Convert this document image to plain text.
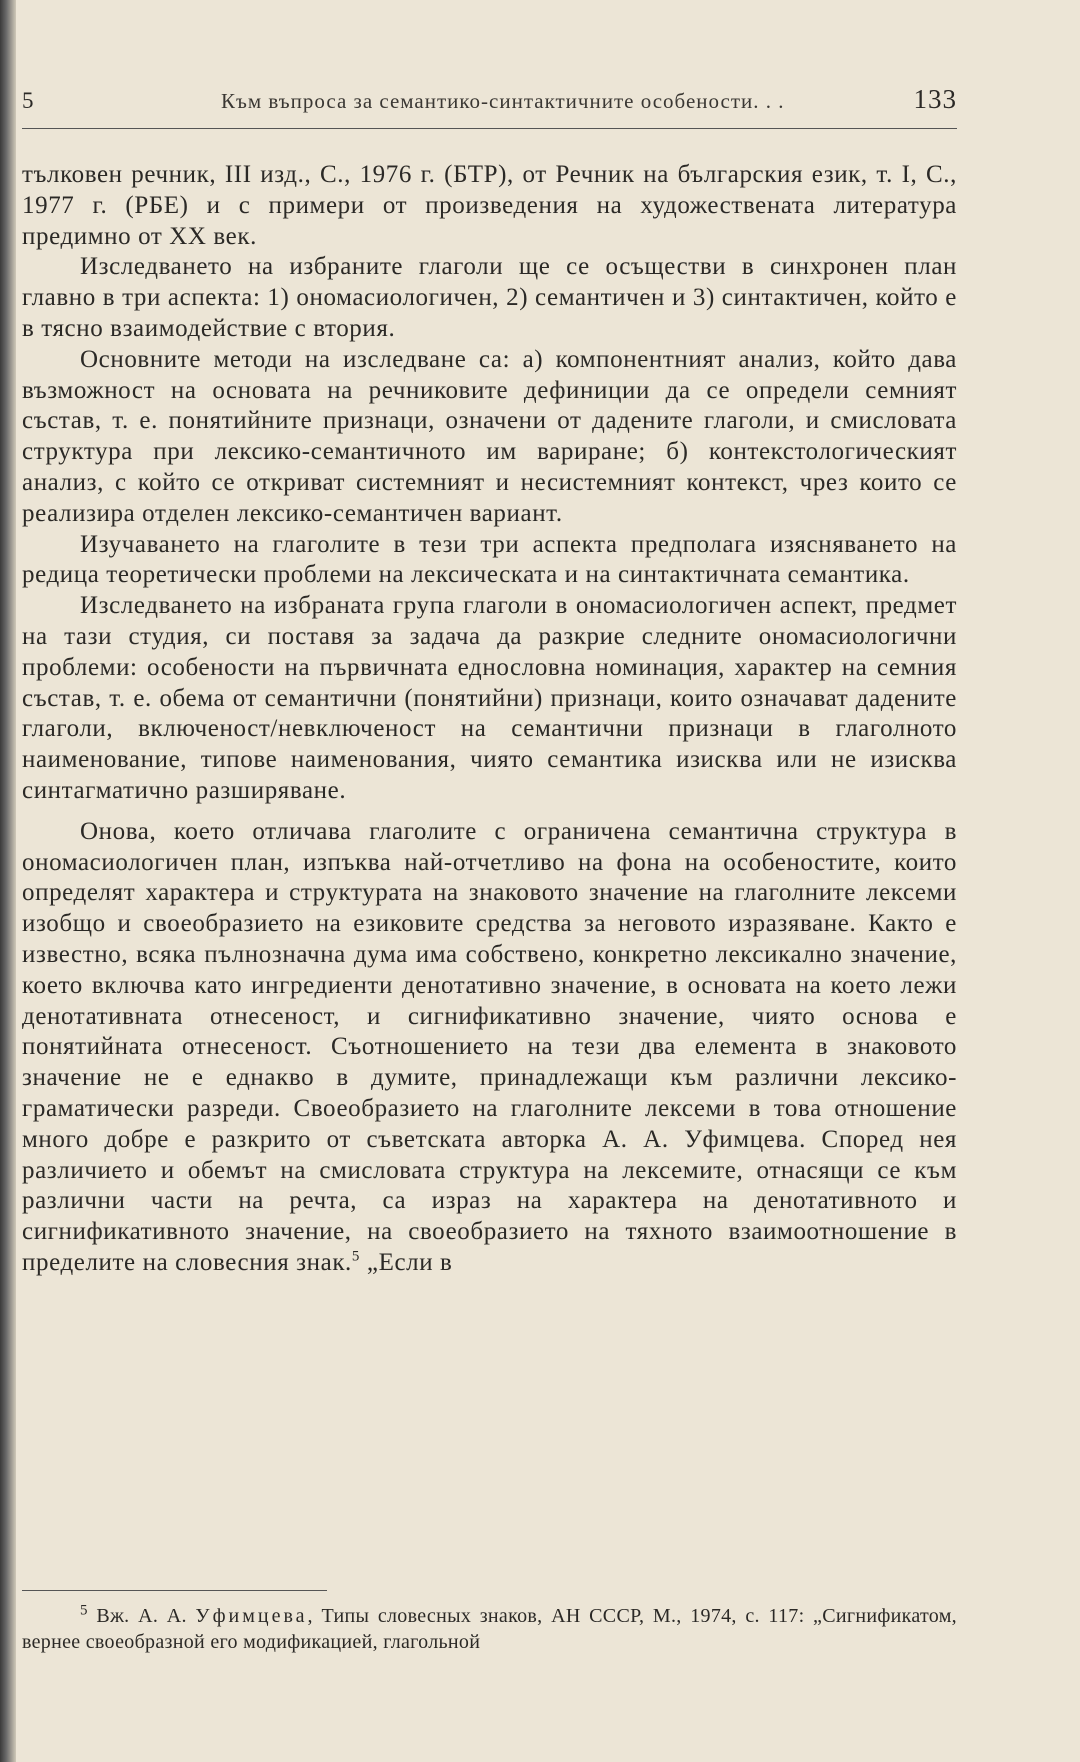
5	Към въпроса за семантико-синтактичните особености. . .	133

тълковен речник, III изд., С., 1976 г. (БТР), от Речник на българския език, т. I, С., 1977 г. (РБЕ) и с примери от произведения на художествената литература предимно от XX век.

Изследването на избраните глаголи ще се осъществи в синхронен план главно в три аспекта: 1) ономасиологичен, 2) семантичен и 3) синтактичен, който е в тясно взаимодействие с втория.

Основните методи на изследване са: а) компонентният анализ, който дава възможност на основата на речниковите дефиниции да се определи семният състав, т. е. понятийните признаци, означени от дадените глаголи, и смисловата структура при лексико-семантичното им вариране; б) контекстологическият анализ, с който се откриват системният и несистемният контекст, чрез които се реализира отделен лексико-семантичен вариант.

Изучаването на глаголите в тези три аспекта предполага изясняването на редица теоретически проблеми на лексическата и на синтактичната семантика.

Изследването на избраната група глаголи в ономасиологичен аспект, предмет на тази студия, си поставя за задача да разкрие следните ономасиологични проблеми: особености на първичната еднословна номинация, характер на семния състав, т. е. обема от семантични (понятийни) признаци, които означават дадените глаголи, включеност/невключеност на семантични признаци в глаголното наименование, типове наименования, чиято семантика изисква или не изисква синтагматично разширяване.

Онова, което отличава глаголите с ограничена семантична структура в ономасиологичен план, изпъква най-отчетливо на фона на особеностите, които определят характера и структурата на знаковото значение на глаголните лексеми изобщо и своеобразието на езиковите средства за неговото изразяване. Както е известно, всяка пълнозначна дума има собствено, конкретно лексикално значение, което включва като ингредиенти денотативно значение, в основата на което лежи денотативната отнесеност, и сигнификативно значение, чиято основа е понятийната отнесеност. Съотношението на тези два елемента в знаковото значение не е еднакво в думите, принадлежащи към различни лексико-граматически разреди. Своеобразието на глаголните лексеми в това отношение много добре е разкрито от съветската авторка А. А. Уфимцева. Според нея различието и обемът на смисловата структура на лексемите, отнасящи се към различни части на речта, са израз на характера на денотативното и сигнификативното значение, на своеобразието на тяхното взаимоотношение в пределите на словесния знак.$^5$ „Если в

$^5$ Вж. А. А. Уфимцева, Типы словесных знаков, АН СССР, М., 1974, с. 117: „Сигнификатом, вернее своеобразной его модификацией, глагольной
